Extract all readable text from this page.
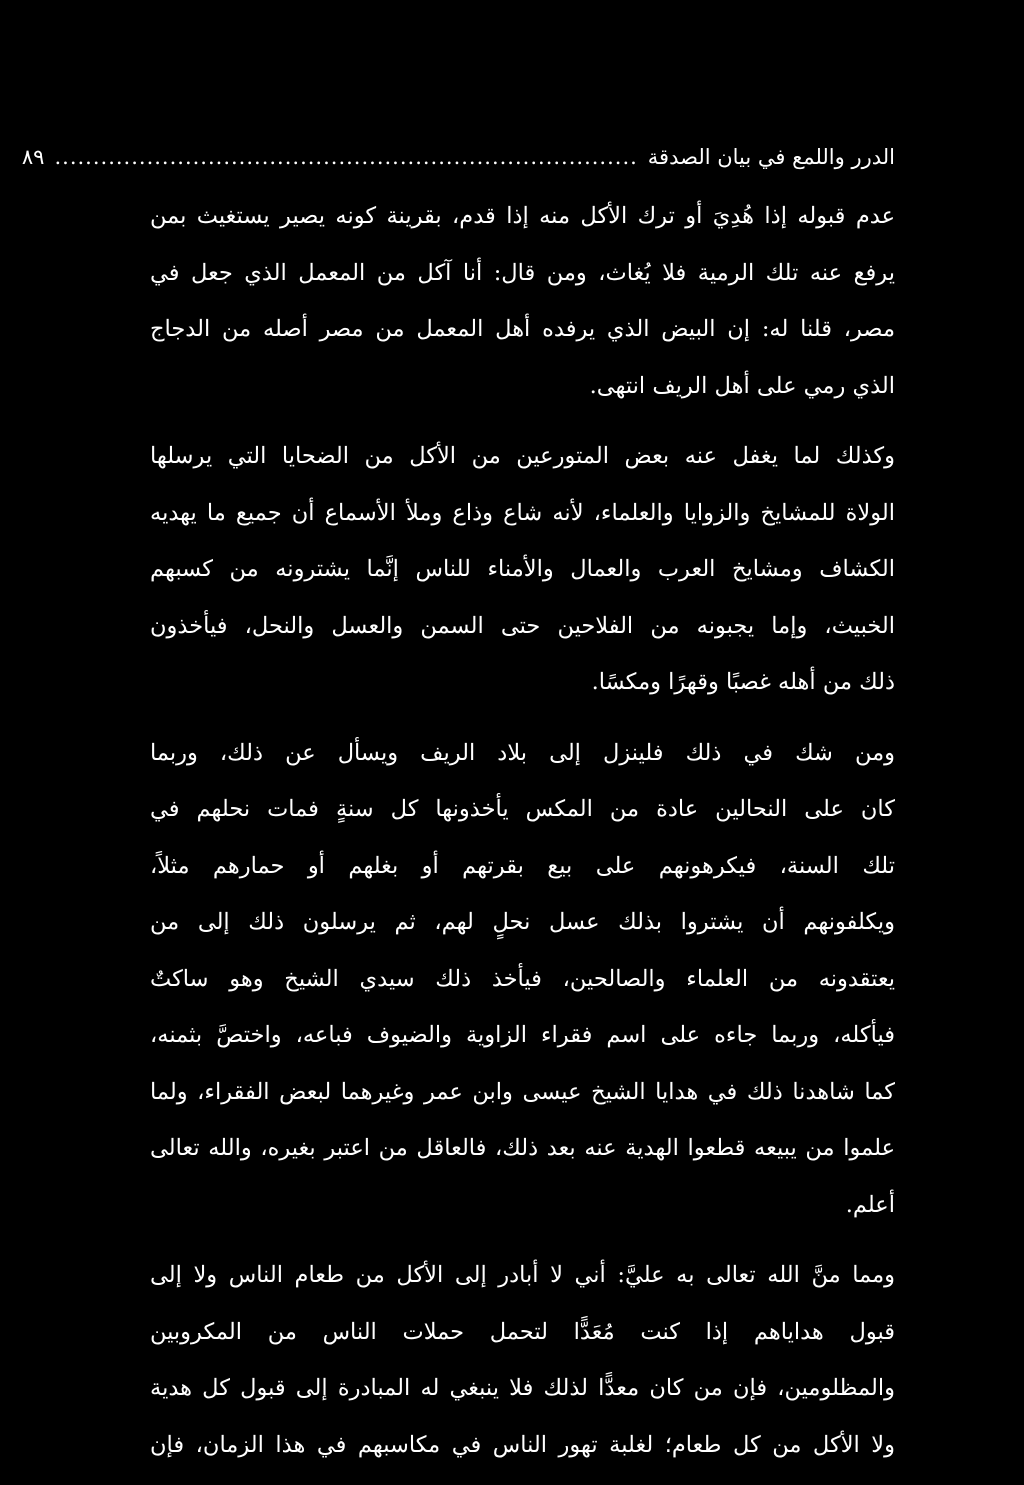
الدرر واللمع في بيان الصدقة
............................................................................
٨٩
عدم قبوله إذا هُدِيَ أو ترك الأكل منه إذا قدم، بقرينة كونه يصير يستغيث بمن
يرفع عنه تلك الرمية فلا يُغاث، ومن قال: أنا آكل من المعمل الذي جعل في
مصر، قلنا له: إن البيض الذي يرفده أهل المعمل من مصر أصله من الدجاج
الذي رمي على أهل الريف انتهى.
وكذلك لما يغفل عنه بعض المتورعين من الأكل من الضحايا التي يرسلها
الولاة للمشايخ والزوايا والعلماء، لأنه شاع وذاع وملأ الأسماع أن جميع ما يهديه
الكشاف ومشايخ العرب والعمال والأمناء للناس إنَّما يشترونه من كسبهم
الخبيث، وإما يجبونه من الفلاحين حتى السمن والعسل والنحل، فيأخذون
ذلك من أهله غصبًا وقهرًا ومكسًا.
ومن شك في ذلك فلينزل إلى بلاد الريف ويسأل عن ذلك، وربما
كان على النحالين عادة من المكس يأخذونها كل سنةٍ فمات نحلهم في
تلك السنة، فيكرهونهم على بيع بقرتهم أو بغلهم أو حمارهم مثلاً،
ويكلفونهم أن يشتروا بذلك عسل نحلٍ لهم، ثم يرسلون ذلك إلى من
يعتقدونه من العلماء والصالحين، فيأخذ ذلك سيدي الشيخ وهو ساكتٌ
فيأكله، وربما جاءه على اسم فقراء الزاوية والضيوف فباعه، واختصَّ بثمنه،
كما شاهدنا ذلك في هدايا الشيخ عيسى وابن عمر وغيرهما لبعض الفقراء، ولما
علموا من يبيعه قطعوا الهدية عنه بعد ذلك، فالعاقل من اعتبر بغيره، والله تعالى
أعلم.
ومما منَّ الله تعالى به عليَّ: أني لا أبادر إلى الأكل من طعام الناس ولا إلى
قبول هداياهم إذا كنت مُعَدًّا لتحمل حملات الناس من المكروبين
والمظلومين، فإن من كان معدًّا لذلك فلا ينبغي له المبادرة إلى قبول كل هدية
ولا الأكل من كل طعام؛ لغلبة تهور الناس في مكاسبهم في هذا الزمان، فإن
